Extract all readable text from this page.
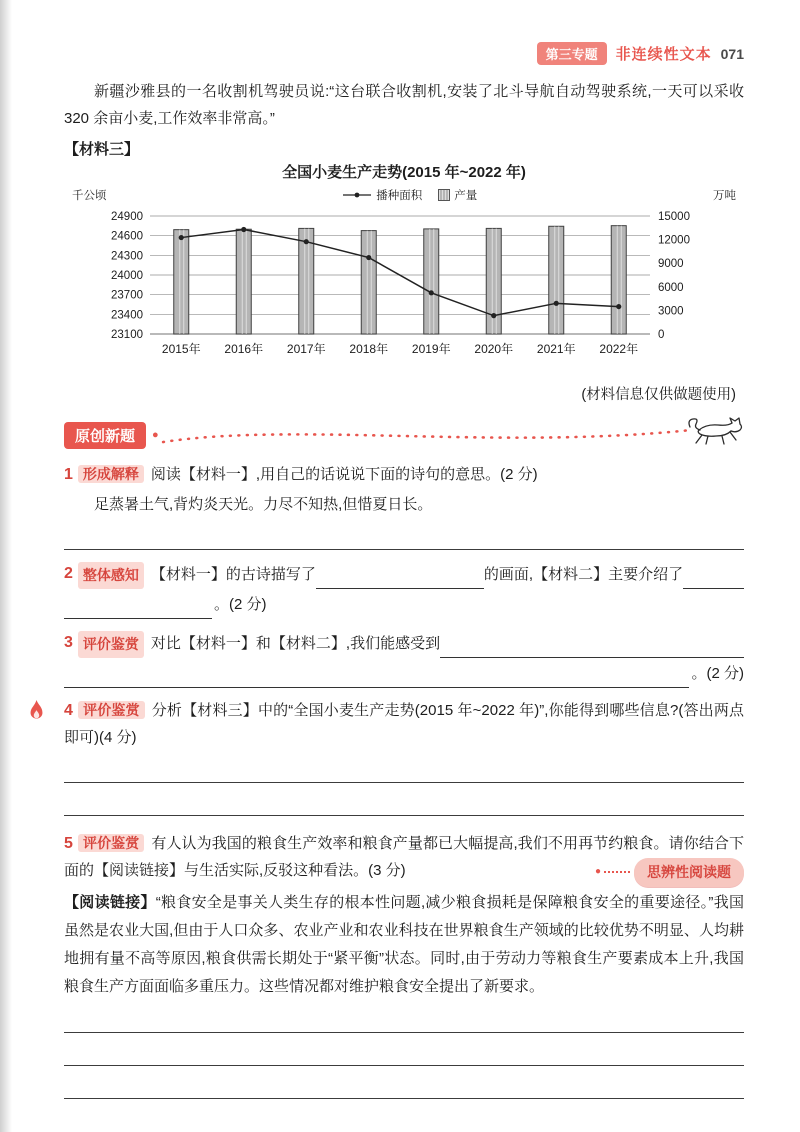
第三专题	非连续性文本 071

新疆沙雅县的一名收割机驾驶员说:“这台联合收割机,安装了北斗导航自动驾驶系统,一天可以采收 320 余亩小麦,工作效率非常高。”

【材料三】
全国小麦生产走势(2015 年~2022 年)
千公顷	播种面积	产量	万吨
24900
24600
24300
24000
23700
23400
23100
15000
12000
9000
6000
3000
0
2015年 2016年 2017年 2018年 2019年 2020年 2021年 2022年
(材料信息仅供做题使用)
原创新题	●
1 形成解释 阅读【材料一】,用自己的话说说下面的诗句的意思。(2 分)
足蒸暑土气,背灼炎天光。力尽不知热,但惜夏日长。
2 整体感知 【材料一】的古诗描写了	的画面,【材料二】主要介绍了
。(2 分)
3 评价鉴赏 对比【材料一】和【材料二】,我们能感受到
。(2 分)
4 评价鉴赏 分析【材料三】中的“全国小麦生产走势(2015 年~2022 年)”,你能得到哪些信息?(答出两点即可)(4 分)
5 评价鉴赏 有人认为我国的粮食生产效率和粮食产量都已大幅提高,我们不用再节约粮食。请你结合下面的【阅读链接】与生活实际,反驳这种看法。(3 分)	●	思辨性阅读题

【阅读链接】“粮食安全是事关人类生存的根本性问题,减少粮食损耗是保障粮食安全的重要途径。”我国虽然是农业大国,但由于人口众多、农业产业和农业科技在世界粮食生产领域的比较优势不明显、人均耕地拥有量不高等原因,粮食供需长期处于“紧平衡”状态。同时,由于劳动力等粮食生产要素成本上升,我国粮食生产方面面临多重压力。这些情况都对维护粮食安全提出了新要求。
